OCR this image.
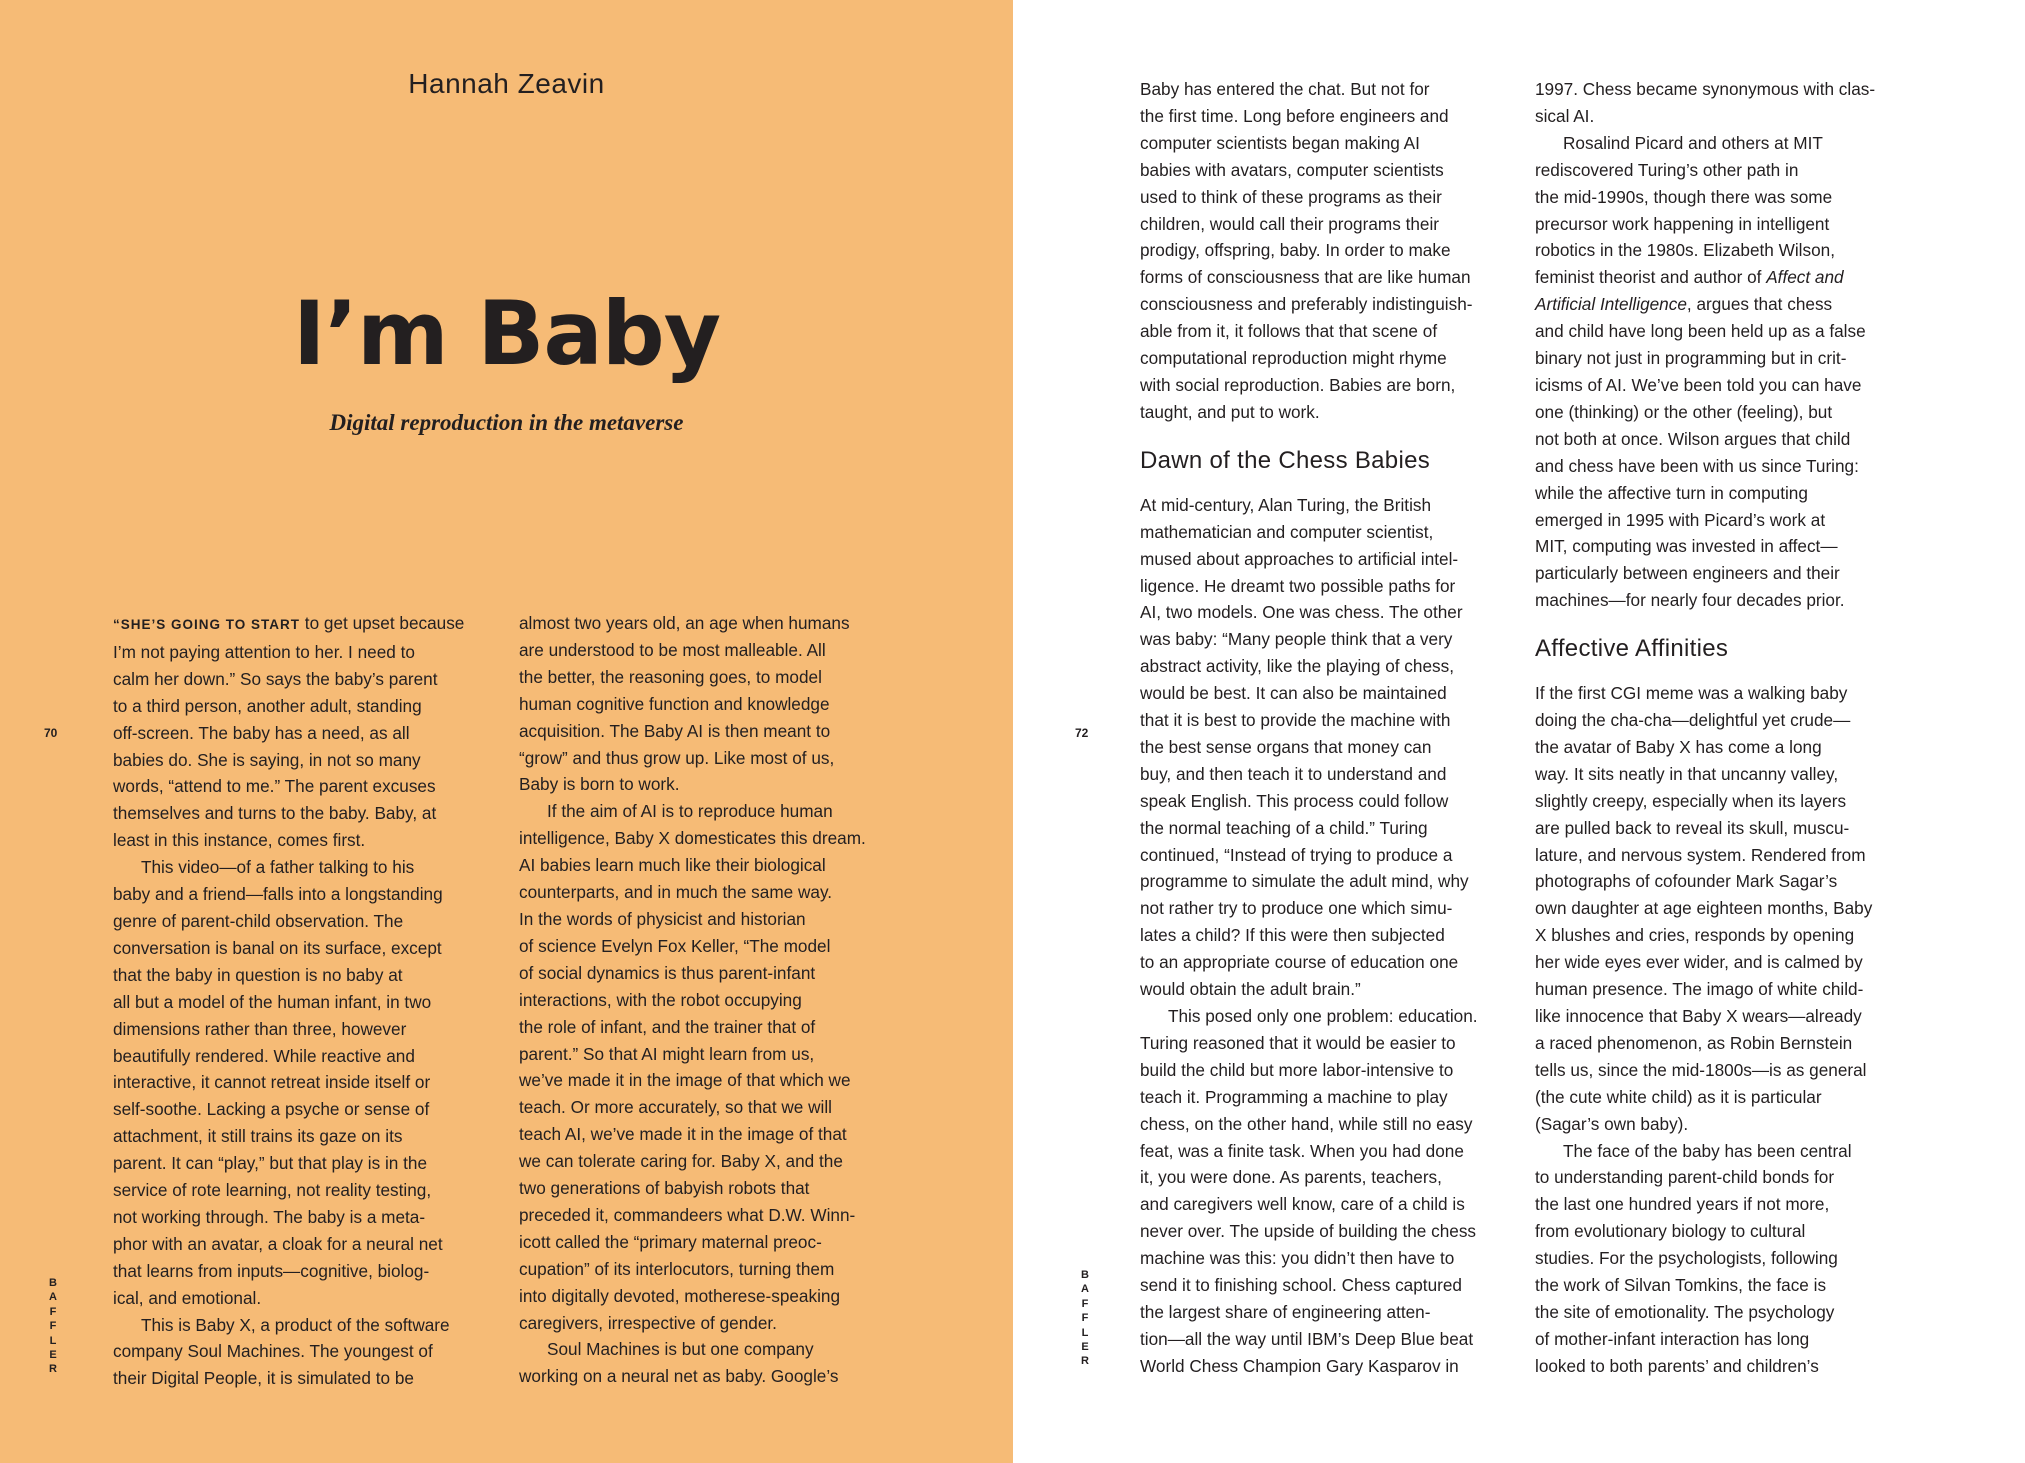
Hannah Zeavin
I’m Baby
Digital reproduction in the metaverse
70
B
A
F
F
L
E
R

“SHE’S GOING TO START to get upset because

I’m not paying attention to her. I need to

calm her down.” So says the baby’s parent

to a third person, another adult, standing

off-screen. The baby has a need, as all

babies do. She is saying, in not so many

words, “attend to me.” The parent excuses

themselves and turns to the baby. Baby, at

least in this instance, comes first.

This video—of a father talking to his

baby and a friend—falls into a longstanding

genre of parent-child observation. The

conversation is banal on its surface, except

that the baby in question is no baby at

all but a model of the human infant, in two

dimensions rather than three, however

beautifully rendered. While reactive and

interactive, it cannot retreat inside itself or

self-soothe. Lacking a psyche or sense of

attachment, it still trains its gaze on its

parent. It can “play,” but that play is in the

service of rote learning, not reality testing,

not working through. The baby is a meta-

phor with an avatar, a cloak for a neural net

that learns from inputs—cognitive, biolog-

ical, and emotional.

This is Baby X, a product of the software

company Soul Machines. The youngest of

their Digital People, it is simulated to be

almost two years old, an age when humans

are understood to be most malleable. All

the better, the reasoning goes, to model

human cognitive function and knowledge

acquisition. The Baby AI is then meant to

“grow” and thus grow up. Like most of us,

Baby is born to work.

If the aim of AI is to reproduce human

intelligence, Baby X domesticates this dream.

AI babies learn much like their biological

counterparts, and in much the same way.

In the words of physicist and historian

of science Evelyn Fox Keller, “The model

of social dynamics is thus parent-infant

interactions, with the robot occupying

the role of infant, and the trainer that of

parent.” So that AI might learn from us,

we’ve made it in the image of that which we

teach. Or more accurately, so that we will

teach AI, we’ve made it in the image of that

we can tolerate caring for. Baby X, and the

two generations of babyish robots that

preceded it, commandeers what D.W. Winn-

icott called the “primary maternal preoc-

cupation” of its interlocutors, turning them

into digitally devoted, motherese-speaking

caregivers, irrespective of gender.

Soul Machines is but one company

working on a neural net as baby. Google’s

72
B
A
F
F
L
E
R

Baby has entered the chat. But not for

the first time. Long before engineers and

computer scientists began making AI

babies with avatars, computer scientists

used to think of these programs as their

children, would call their programs their

prodigy, offspring, baby. In order to make

forms of consciousness that are like human

consciousness and preferably indistinguish-

able from it, it follows that that scene of

computational reproduction might rhyme

with social reproduction. Babies are born,

taught, and put to work.

Dawn of the Chess Babies

At mid-century, Alan Turing, the British

mathematician and computer scientist,

mused about approaches to artificial intel-

ligence. He dreamt two possible paths for

AI, two models. One was chess. The other

was baby: “Many people think that a very

abstract activity, like the playing of chess,

would be best. It can also be maintained

that it is best to provide the machine with

the best sense organs that money can

buy, and then teach it to understand and

speak English. This process could follow

the normal teaching of a child.” Turing

continued, “Instead of trying to produce a

programme to simulate the adult mind, why

not rather try to produce one which simu-

lates a child? If this were then subjected

to an appropriate course of education one

would obtain the adult brain.”

This posed only one problem: education.

Turing reasoned that it would be easier to

build the child but more labor-intensive to

teach it. Programming a machine to play

chess, on the other hand, while still no easy

feat, was a finite task. When you had done

it, you were done. As parents, teachers,

and caregivers well know, care of a child is

never over. The upside of building the chess

machine was this: you didn’t then have to

send it to finishing school. Chess captured

the largest share of engineering atten-

tion—all the way until IBM’s Deep Blue beat

World Chess Champion Gary Kasparov in

1997. Chess became synonymous with clas-

sical AI.

Rosalind Picard and others at MIT

rediscovered Turing’s other path in

the mid-1990s, though there was some

precursor work happening in intelligent

robotics in the 1980s. Elizabeth Wilson,

feminist theorist and author of Affect and

Artificial Intelligence, argues that chess

and child have long been held up as a false

binary not just in programming but in crit-

icisms of AI. We’ve been told you can have

one (thinking) or the other (feeling), but

not both at once. Wilson argues that child

and chess have been with us since Turing:

while the affective turn in computing

emerged in 1995 with Picard’s work at

MIT, computing was invested in affect—

particularly between engineers and their

machines—for nearly four decades prior.

Affective Affinities

If the first CGI meme was a walking baby

doing the cha-cha—delightful yet crude—

the avatar of Baby X has come a long

way. It sits neatly in that uncanny valley,

slightly creepy, especially when its layers

are pulled back to reveal its skull, muscu-

lature, and nervous system. Rendered from

photographs of cofounder Mark Sagar’s

own daughter at age eighteen months, Baby

X blushes and cries, responds by opening

her wide eyes ever wider, and is calmed by

human presence. The imago of white child-

like innocence that Baby X wears—already

a raced phenomenon, as Robin Bernstein

tells us, since the mid-1800s—is as general

(the cute white child) as it is particular

(Sagar’s own baby).

The face of the baby has been central

to understanding parent-child bonds for

the last one hundred years if not more,

from evolutionary biology to cultural

studies. For the psychologists, following

the work of Silvan Tomkins, the face is

the site of emotionality. The psychology

of mother-infant interaction has long

looked to both parents’ and children’s
